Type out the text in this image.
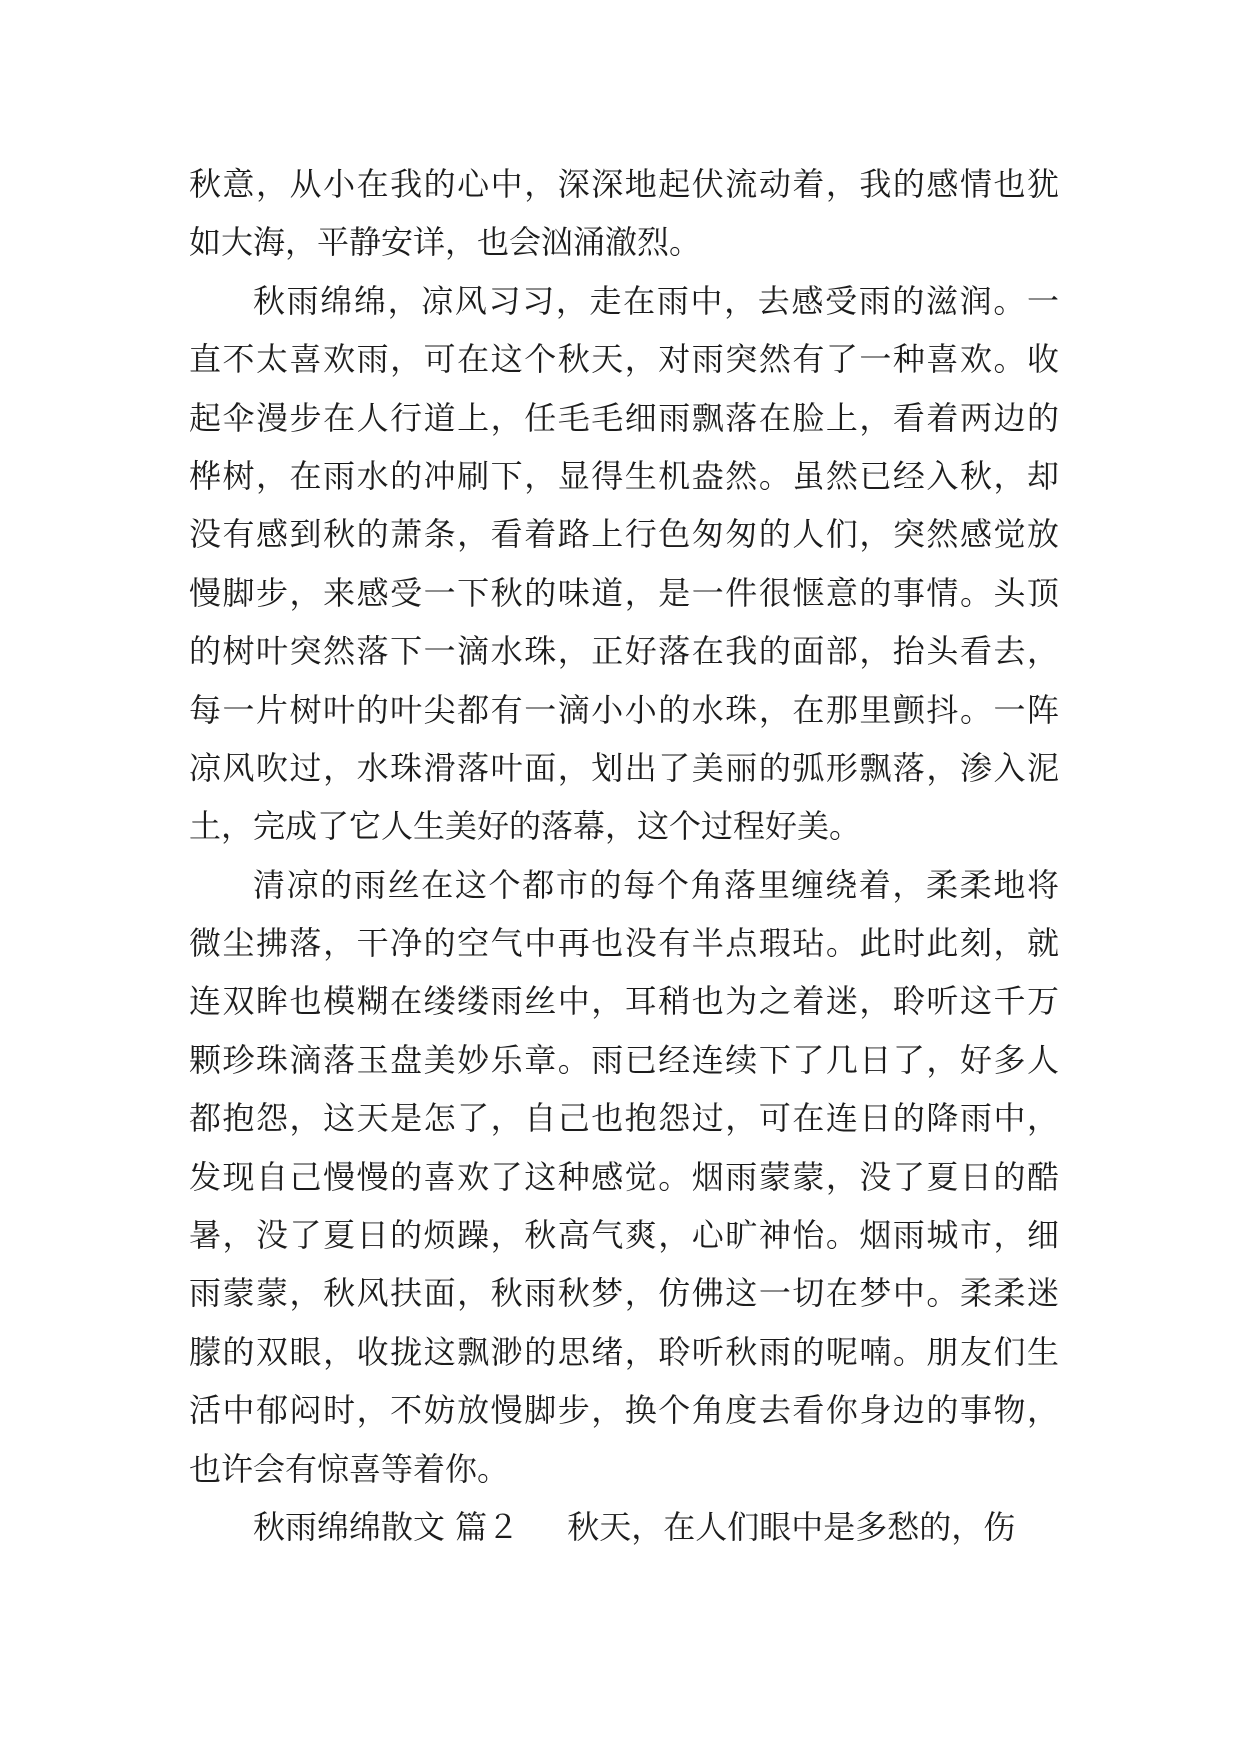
秋意，从小在我的心中，深深地起伏流动着，我的感情也犹
如大海，平静安详，也会汹涌澈烈。
秋雨绵绵，凉风习习，走在雨中，去感受雨的滋润。一
直不太喜欢雨，可在这个秋天，对雨突然有了一种喜欢。收
起伞漫步在人行道上，任毛毛细雨飘落在脸上，看着两边的
桦树，在雨水的冲刷下，显得生机盎然。虽然已经入秋，却
没有感到秋的萧条，看着路上行色匆匆的人们，突然感觉放
慢脚步，来感受一下秋的味道，是一件很惬意的事情。头顶
的树叶突然落下一滴水珠，正好落在我的面部，抬头看去，
每一片树叶的叶尖都有一滴小小的水珠，在那里颤抖。一阵
凉风吹过，水珠滑落叶面，划出了美丽的弧形飘落，渗入泥
土，完成了它人生美好的落幕，这个过程好美。
清凉的雨丝在这个都市的每个角落里缠绕着，柔柔地将
微尘拂落，干净的空气中再也没有半点瑕玷。此时此刻，就
连双眸也模糊在缕缕雨丝中，耳稍也为之着迷，聆听这千万
颗珍珠滴落玉盘美妙乐章。雨已经连续下了几日了，好多人
都抱怨，这天是怎了，自己也抱怨过，可在连日的降雨中，
发现自己慢慢的喜欢了这种感觉。烟雨蒙蒙，没了夏日的酷
暑，没了夏日的烦躁，秋高气爽，心旷神怡。烟雨城市，细
雨蒙蒙，秋风扶面，秋雨秋梦，仿佛这一切在梦中。柔柔迷
朦的双眼，收拢这飘渺的思绪，聆听秋雨的呢喃。朋友们生
活中郁闷时，不妨放慢脚步，换个角度去看你身边的事物，
也许会有惊喜等着你。
秋雨绵绵散文 篇２ 秋天，在人们眼中是多愁的，伤
